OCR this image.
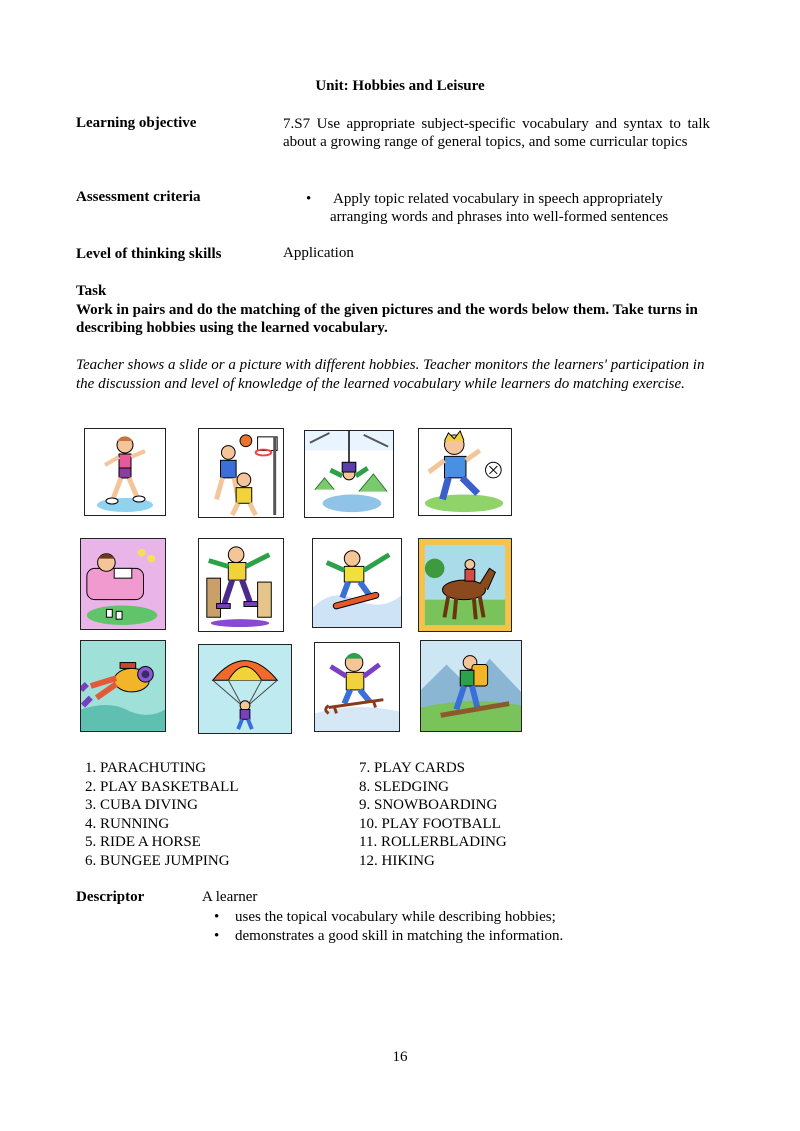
Unit: Hobbies and Leisure
Learning objective	7.S7 Use appropriate subject-specific vocabulary and syntax to talk about a growing range of general topics, and some curricular topics
Assessment criteria	• Apply topic related vocabulary in speech appropriately
arranging words and phrases into well-formed sentences
Level of thinking skills	Application
Task
Work in pairs and do the matching of the given pictures and the words below them. Take turns in describing hobbies using the learned vocabulary.
Teacher shows a slide or a picture with different hobbies. Teacher monitors the learners' participation in the discussion and level of knowledge of the learned vocabulary while learners do matching exercise.
1. PARACHUTING
2. PLAY BASKETBALL
3. CUBA DIVING
4. RUNNING
5. RIDE A HORSE
6. BUNGEE JUMPING
7. PLAY CARDS
8. SLEDGING
9. SNOWBOARDING
10. PLAY FOOTBALL
11. ROLLERBLADING
12. HIKING
Descriptor	A learner
• uses the topical vocabulary while describing hobbies;
• demonstrates a good skill in matching the information.
16
